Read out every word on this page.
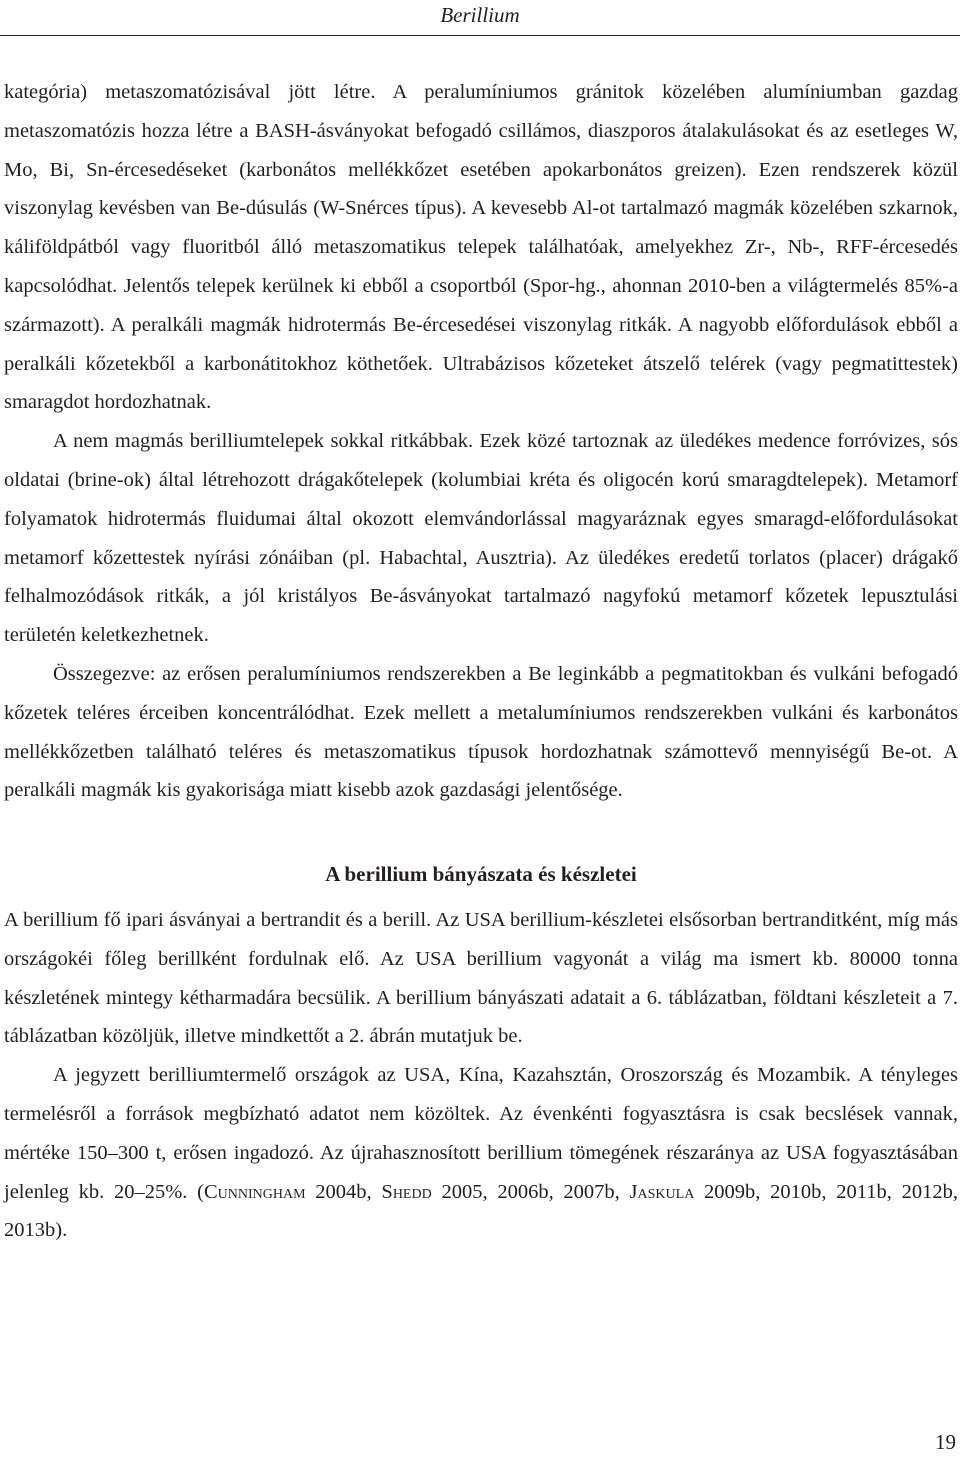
Berillium

kategória) metaszomatózisával jött létre. A peralumíniumos gránitok közelében alumíniumban gazdag metaszomatózis hozza létre a BASH-ásványokat befogadó csillámos, diaszporos átalakulásokat és az esetleges W, Mo, Bi, Sn-ércesedéseket (karbonátos mellékkőzet esetében apokarbonátos greizen). Ezen rendszerek közül viszonylag kevésben van Be-dúsulás (W-Snérces típus). A kevesebb Al-ot tartalmazó magmák közelében szkarnok, káliföldpátból vagy fluoritból álló metaszomatikus telepek találhatóak, amelyekhez Zr-, Nb-, RFF-ércesedés kapcsolódhat. Jelentős telepek kerülnek ki ebből a csoportból (Spor-hg., ahonnan 2010-ben a világtermelés 85%-a származott). A peralkáli magmák hidrotermás Be-ércesedései viszonylag ritkák. A nagyobb előfordulások ebből a peralkáli kőzetekből a karbonátitokhoz köthetőek. Ultrabázisos kőzeteket átszelő telérek (vagy pegmatittestek) smaragdot hordozhatnak.

A nem magmás berilliumtelepek sokkal ritkábbak. Ezek közé tartoznak az üledékes medence forróvizes, sós oldatai (brine-ok) által létrehozott drágakőtelepek (kolumbiai kréta és oligocén korú smaragdtelepek). Metamorf folyamatok hidrotermás fluidumai által okozott elemvándorlással magyaráznak egyes smaragd-előfordulásokat metamorf kőzettestek nyírási zónáiban (pl. Habachtal, Ausztria). Az üledékes eredetű torlatos (placer) drágakő felhalmozódások ritkák, a jól kristályos Be-ásványokat tartalmazó nagyfokú metamorf kőzetek lepusztulási területén keletkezhetnek.

Összegezve: az erősen peralumíniumos rendszerekben a Be leginkább a pegmatitokban és vulkáni befogadó kőzetek teléres érceiben koncentrálódhat. Ezek mellett a metalumíniumos rendszerekben vulkáni és karbonátos mellékkőzetben található teléres és metaszomatikus típusok hordozhatnak számottevő mennyiségű Be-ot. A peralkáli magmák kis gyakorisága miatt kisebb azok gazdasági jelentősége.

A berillium bányászata és készletei

A berillium fő ipari ásványai a bertrandit és a berill. Az USA berillium-készletei elsősorban bertranditként, míg más országokéi főleg berillként fordulnak elő. Az USA berillium vagyonát a világ ma ismert kb. 80000 tonna készletének mintegy kétharmadára becsülik. A berillium bányászati adatait a 6. táblázatban, földtani készleteit a 7. táblázatban közöljük, illetve mindkettőt a 2. ábrán mutatjuk be.

A jegyzett berilliumtermelő országok az USA, Kína, Kazahsztán, Oroszország és Mozambik. A tényleges termelésről a források megbízható adatot nem közöltek. Az évenkénti fogyasztásra is csak becslések vannak, mértéke 150–300 t, erősen ingadozó. Az újrahasznosított berillium tömegének részaránya az USA fogyasztásában jelenleg kb. 20–25%. (Cunningham 2004b, Shedd 2005, 2006b, 2007b, Jaskula 2009b, 2010b, 2011b, 2012b, 2013b).

19
